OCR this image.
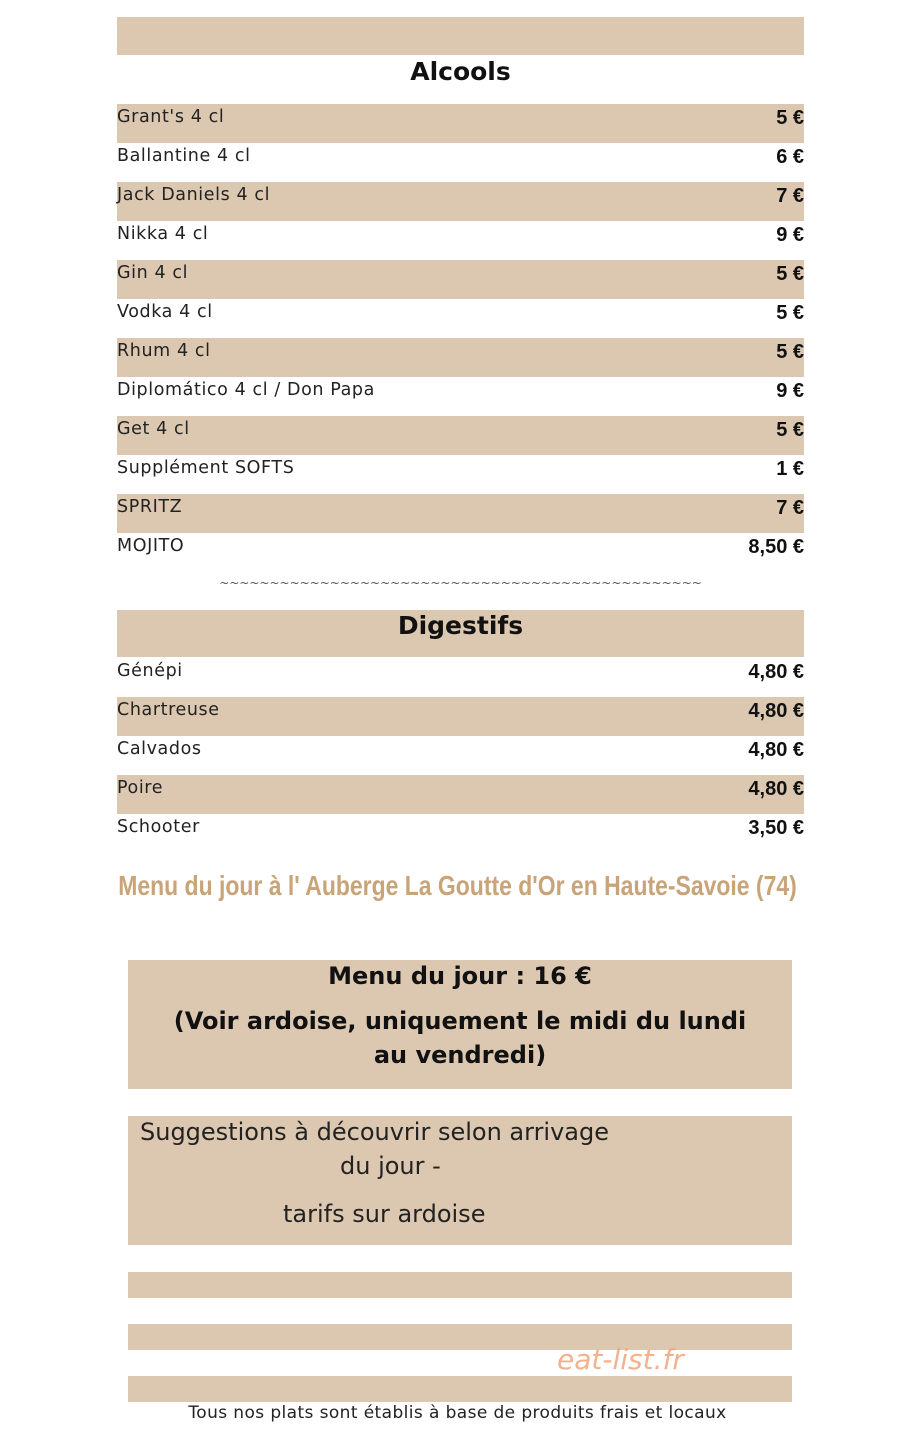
Alcools
Grant's 4 cl	5 €
Ballantine 4 cl	6 €
Jack Daniels 4 cl	7 €
Nikka 4 cl	9 €
Gin 4 cl	5 €
Vodka 4 cl	5 €
Rhum 4 cl	5 €
Diplomático 4 cl / Don Papa	9 €
Get 4 cl	5 €
Supplément SOFTS	1 €
SPRITZ	7 €
MOJITO	8,50 €
~~~~~~~~~~~~~~~~~~~~~~~~~~~~~~~~~~~~~~~~~~~~~~~~
Digestifs
Génépi	4,80 €
Chartreuse	4,80 €
Calvados	4,80 €
Poire	4,80 €
Schooter	3,50 €
Menu du jour à l' Auberge La Goutte d'Or en Haute-Savoie (74)
Menu du jour : 16 €
(Voir ardoise, uniquement le midi du lundi au vendredi)
Suggestions à découvrir selon arrivage
du jour -
tarifs sur ardoise
eat-list.fr
Tous nos plats sont établis à base de produits frais et locaux
